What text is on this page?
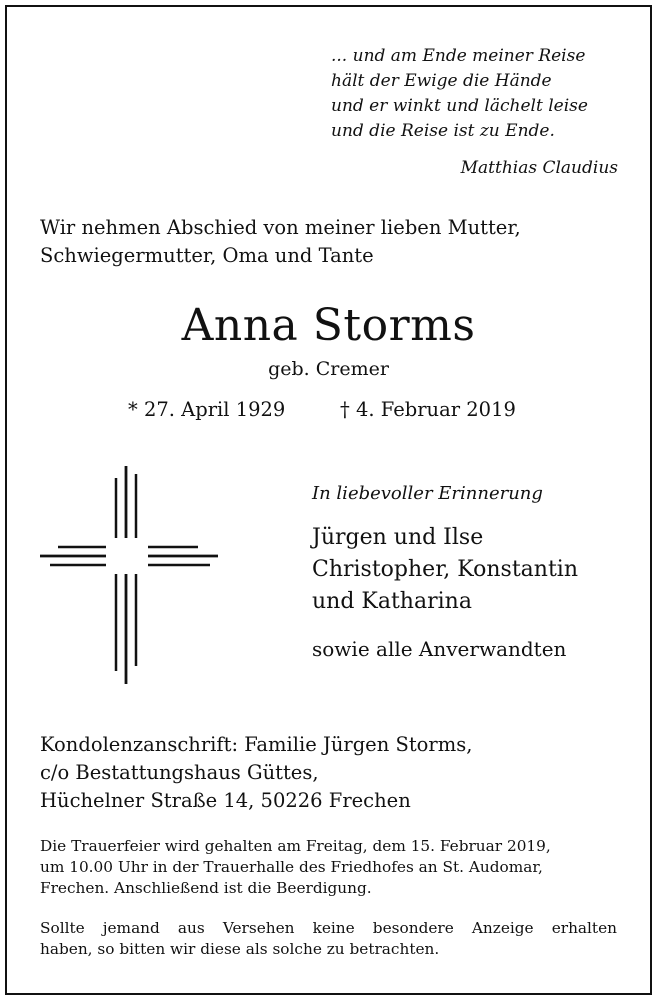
... und am Ende meiner Reise
hält der Ewige die Hände
und er winkt und lächelt leise
und die Reise ist zu Ende.
Matthias Claudius
Wir nehmen Abschied von meiner lieben Mutter,
Schwiegermutter, Oma und Tante
Anna Storms
geb. Cremer
* 27. April 1929	† 4. Februar 2019
In liebevoller Erinnerung
Jürgen und Ilse
Christopher, Konstantin
und Katharina
sowie alle Anverwandten
Kondolenzanschrift: Familie Jürgen Storms,
c/o Bestattungshaus Güttes,
Hüchelner Straße 14, 50226 Frechen
Die Trauerfeier wird gehalten am Freitag, dem 15. Februar 2019,
um 10.00 Uhr in der Trauerhalle des Friedhofes an St. Audomar,
Frechen. Anschließend ist die Beerdigung.
Sollte jemand aus Versehen keine besondere Anzeige erhalten
haben, so bitten wir diese als solche zu betrachten.
